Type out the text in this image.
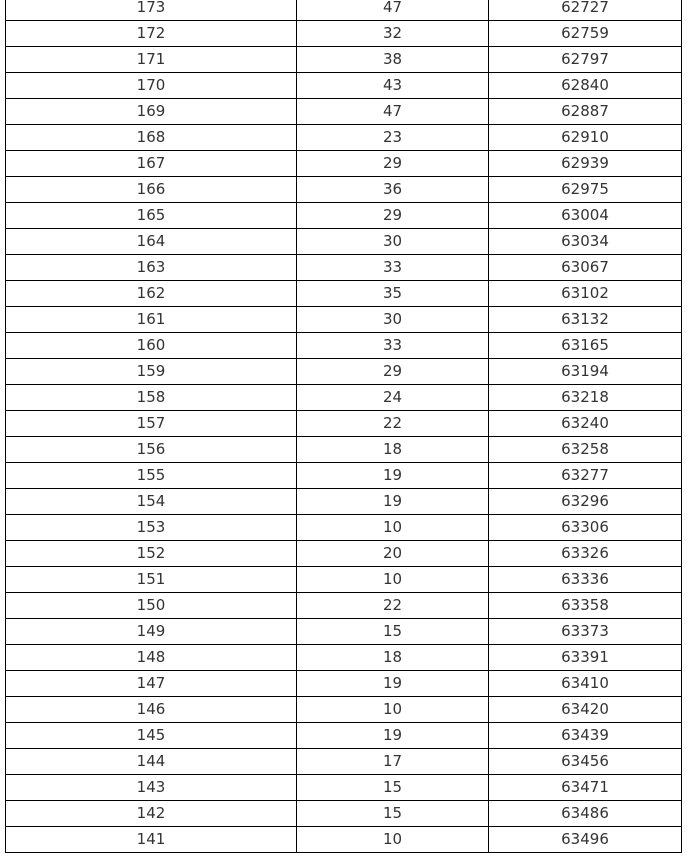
173	47	62727
172	32	62759
171	38	62797
170	43	62840
169	47	62887
168	23	62910
167	29	62939
166	36	62975
165	29	63004
164	30	63034
163	33	63067
162	35	63102
161	30	63132
160	33	63165
159	29	63194
158	24	63218
157	22	63240
156	18	63258
155	19	63277
154	19	63296
153	10	63306
152	20	63326
151	10	63336
150	22	63358
149	15	63373
148	18	63391
147	19	63410
146	10	63420
145	19	63439
144	17	63456
143	15	63471
142	15	63486
141	10	63496
